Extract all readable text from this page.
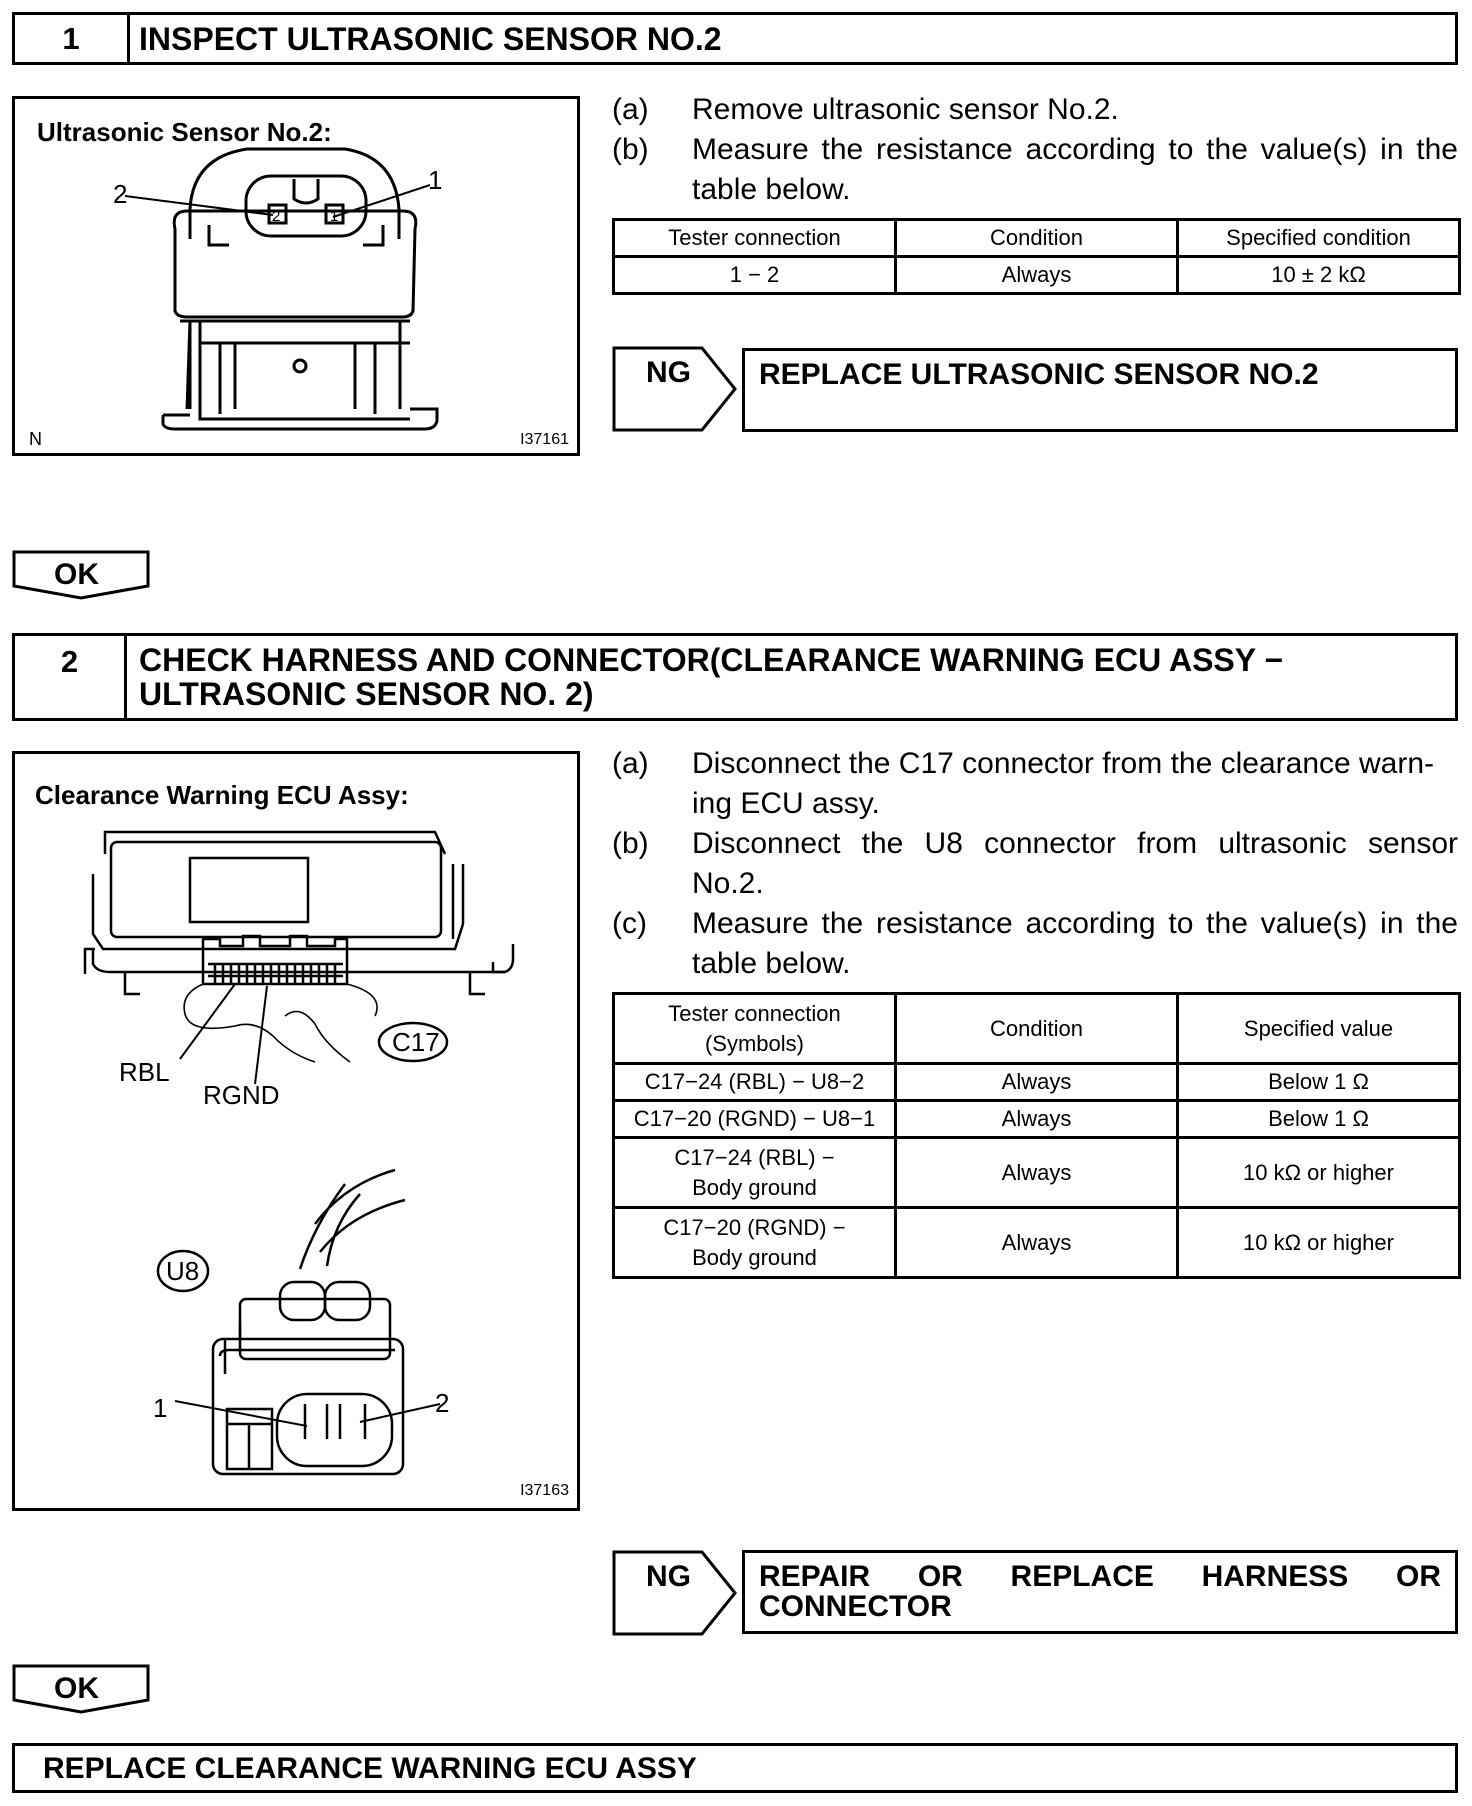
1	INSPECT ULTRASONIC SENSOR NO.2
Ultrasonic Sensor No.2:
2	1
2	1
N	I37161
(a) Remove ultrasonic sensor No.2.
(b) Measure the resistance according to the value(s) in the table below.
Tester connection	Condition	Specified condition
1 − 2	Always	10 ± 2 kΩ
NG REPLACE ULTRASONIC SENSOR NO.2
OK
2	CHECK HARNESS AND CONNECTOR(CLEARANCE WARNING ECU ASSY −
ULTRASONIC SENSOR NO. 2)
Clearance Warning ECU Assy:
C17
RBL
RGND
U8
1	2
I37163
(a) Disconnect the C17 connector from the clearance warn-
ing ECU assy.
(b) Disconnect the U8 connector from ultrasonic sensor
No.2.
(c) Measure the resistance according to the value(s) in the
table below.
Tester connection
(Symbols)	Condition	Specified value
C17−24 (RBL) − U8−2	Always	Below 1 Ω
C17−20 (RGND) − U8−1	Always	Below 1 Ω

C17−24 (RBL) −
Body ground	Always	10 kΩ or higher

C17−20 (RGND) −
Body ground	Always	10 kΩ or higher
NG REPAIR OR REPLACE HARNESS OR
CONNECTOR
OK
REPLACE CLEARANCE WARNING ECU ASSY
